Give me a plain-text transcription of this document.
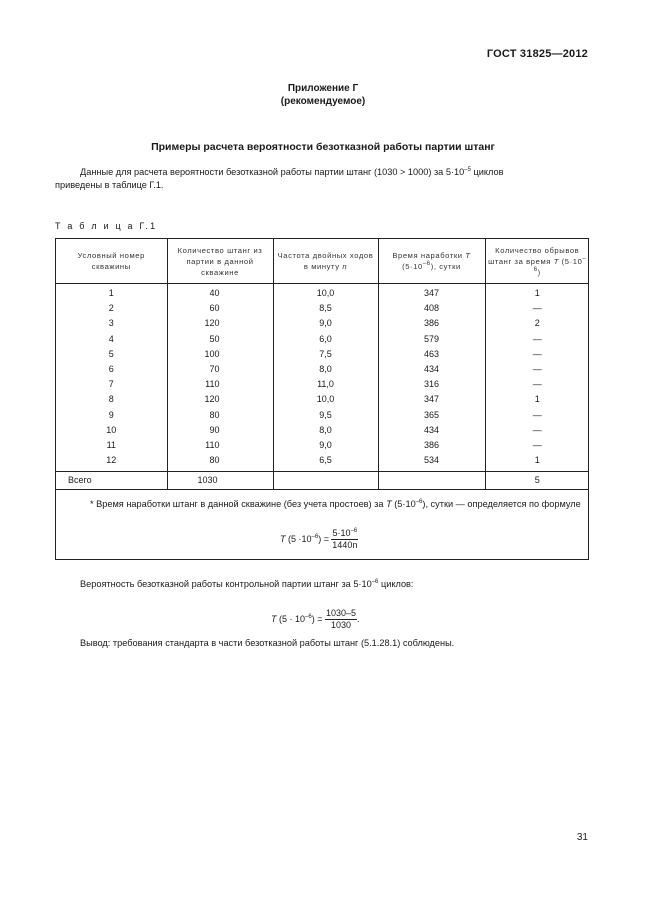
ГОСТ 31825—2012
Приложение Г
(рекомендуемое)
Примеры расчета вероятности безотказной работы партии штанг
Данные для расчета вероятности безотказной работы партии штанг (1030 > 1000) за $5\cdot 10^{-5}$ циклов
приведены в таблице Г.1.
Т а б л и ц а Г.1
Условный номер скважины	Количество штанг из партии в данной скважине	Частота двойных ходов в минуту n	Время наработки T $(5\cdot 10^{-6})$, сутки	Количество обрывов штанг за время T $(5\cdot 10^{-6})$
1	40	10,0	347	1
2	60	8,5	408	—
3	120	9,0	386	2
4	50	6,0	579	—
5	100	7,5	463	—
6	70	8,0	434	—
7	110	11,0	316	—
8	120	10,0	347	1
9	80	9,5	365	—
10	90	8,0	434	—
11	110	9,0	386	—
12	80	6,5	534	1
Всего	1030			5
* Время наработки штанг в данной скважине (без учета простоев) за T $(5\cdot 10^{-6})$, сутки — определяется по формуле
T $(5 \cdot 10^{-6}) = \frac{5\cdot 10^{-6}}{1440n}$
Вероятность безотказной работы контрольной партии штанг за $5\cdot 10^{-6}$ циклов:
T $(5 \cdot 10^{-6}) = \frac{1030-5}{1030}$ .
Вывод: требования стандарта в части безотказной работы штанг (5.1.28.1) соблюдены.
31
